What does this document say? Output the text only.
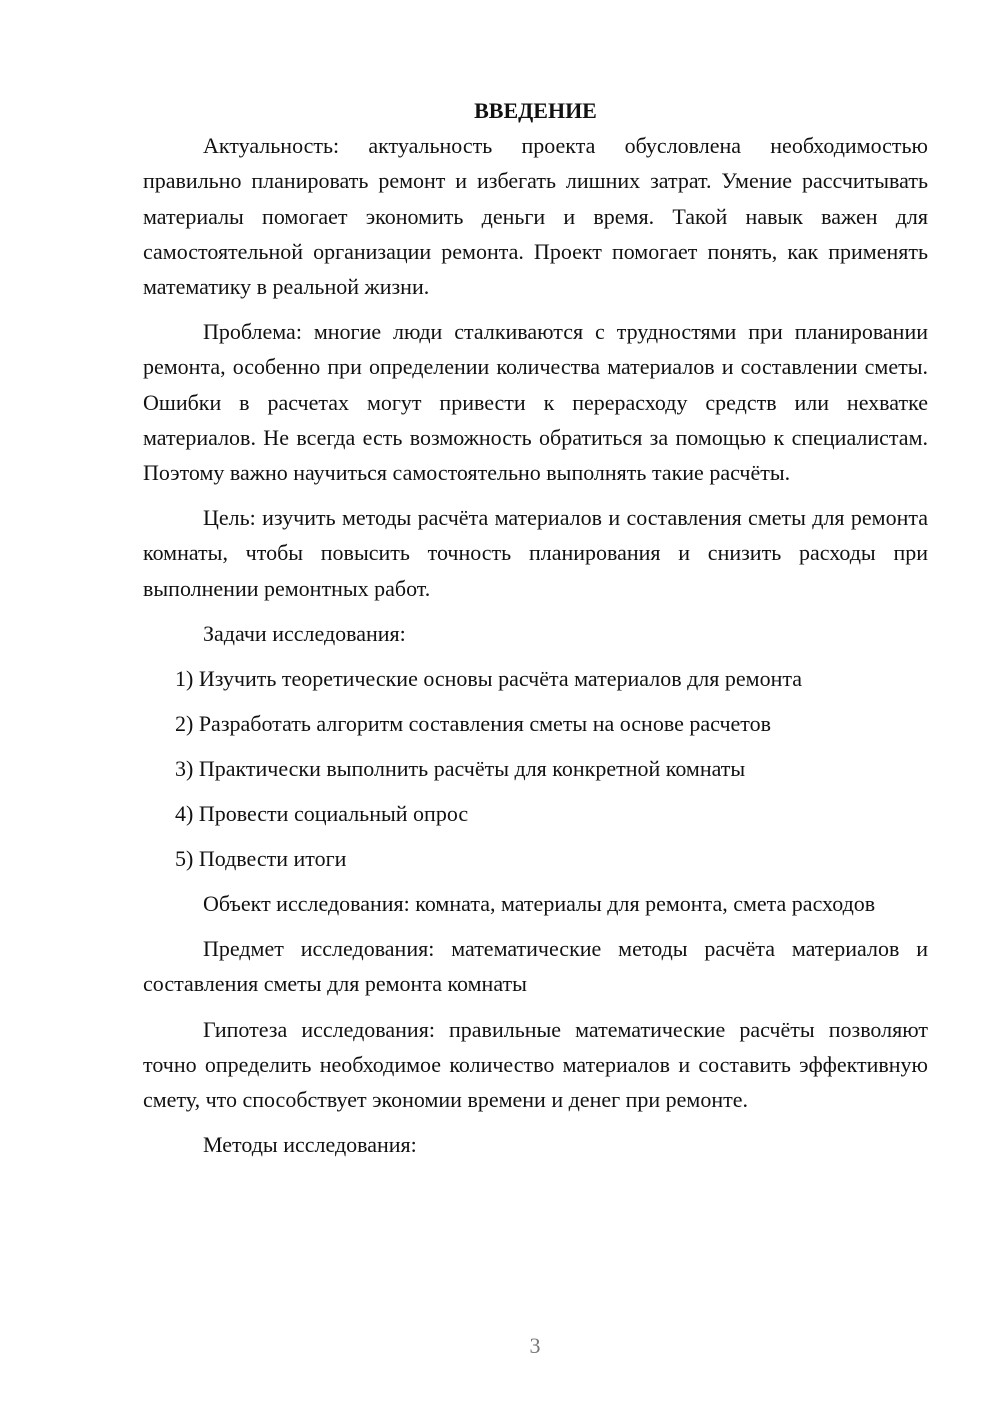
ВВЕДЕНИЕ

Актуальность: актуальность проекта обусловлена необходимостью правильно планировать ремонт и избегать лишних затрат. Умение рассчитывать материалы помогает экономить деньги и время. Такой навык важен для самостоятельной организации ремонта. Проект помогает понять, как применять математику в реальной жизни.

Проблема: многие люди сталкиваются с трудностями при планировании ремонта, особенно при определении количества материалов и составлении сметы. Ошибки в расчетах могут привести к перерасходу средств или нехватке материалов. Не всегда есть возможность обратиться за помощью к специалистам. Поэтому важно научиться самостоятельно выполнять такие расчёты.

Цель: изучить методы расчёта материалов и составления сметы для ремонта комнаты, чтобы повысить точность планирования и снизить расходы при выполнении ремонтных работ.

Задачи исследования:

1) Изучить теоретические основы расчёта материалов для ремонта
2) Разработать алгоритм составления сметы на основе расчетов
3) Практически выполнить расчёты для конкретной комнаты
4) Провести социальный опрос
5) Подвести итоги

Объект исследования: комната, материалы для ремонта, смета расходов

Предмет исследования: математические методы расчёта материалов и составления сметы для ремонта комнаты

Гипотеза исследования: правильные математические расчёты позволяют точно определить необходимое количество материалов и составить эффективную смету, что способствует экономии времени и денег при ремонте.

Методы исследования:

3
